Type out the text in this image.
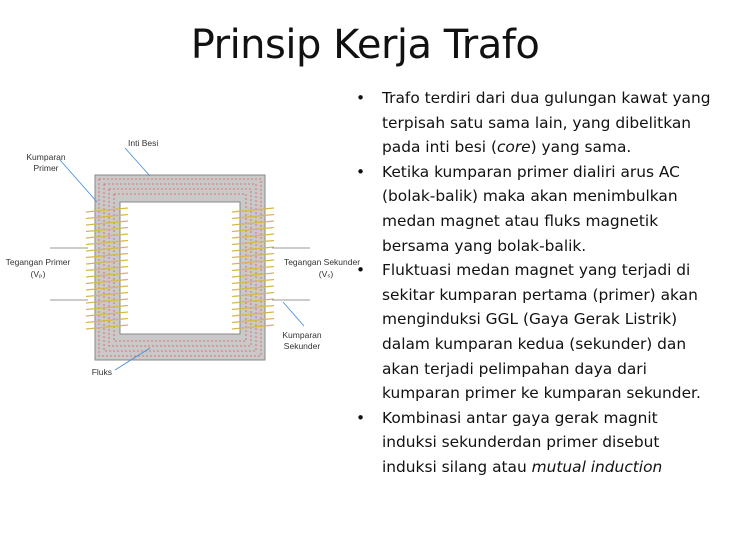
Prinsip Kerja Trafo
Inti Besi
Kumparan
Primer
Tegangan Primer
(Vₚ)
Tegangan Sekunder
(Vₛ)
Kumparan
Sekunder
Fluks
• Trafo terdiri dari dua gulungan kawat yang terpisah satu sama lain, yang dibelitkan pada inti besi (core) yang sama.
• Ketika kumparan primer dialiri arus AC (bolak-balik) maka akan menimbulkan medan magnet atau fluks magnetik bersama yang bolak-balik.
• Fluktuasi medan magnet yang terjadi di sekitar kumparan pertama (primer) akan menginduksi GGL (Gaya Gerak Listrik) dalam kumparan kedua (sekunder) dan akan terjadi pelimpahan daya dari kumparan primer ke kumparan sekunder.
• Kombinasi antar gaya gerak magnit induksi sekunderdan primer disebut induksi silang atau mutual induction
